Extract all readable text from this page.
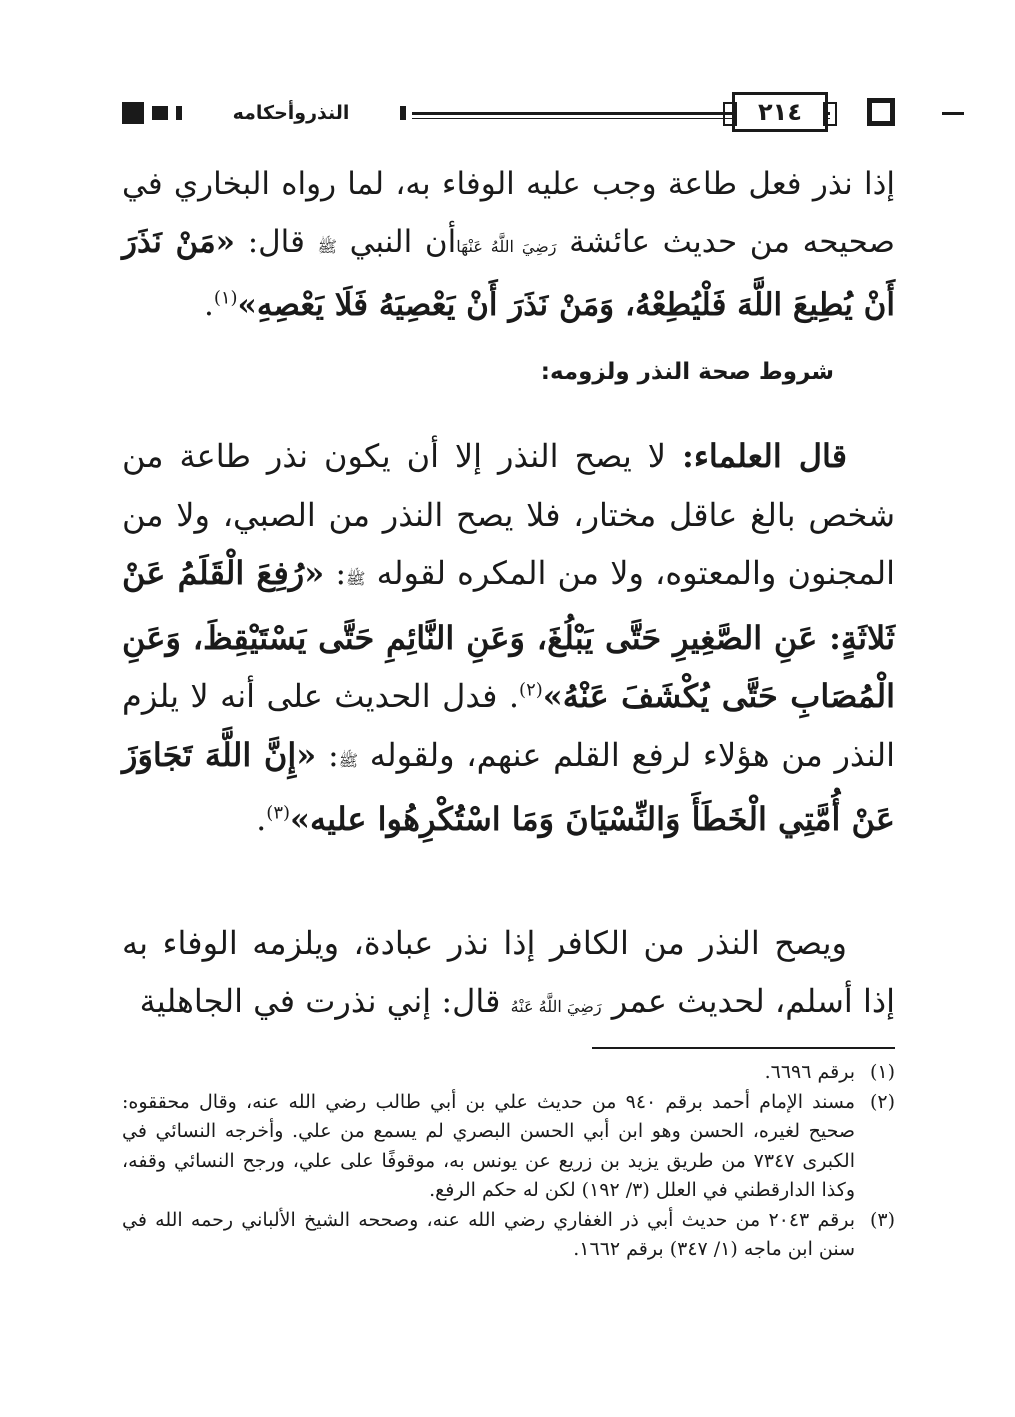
النذروأحكامه	٢١٤
إذا نذر فعل طاعة وجب عليه الوفاء به، لما رواه البخاري في صحيحه من حديث عائشة رَضِيَ اللَّهُ عَنْهَاأن النبي ﷺ قال: «مَنْ نَذَرَ أَنْ يُطِيعَ اللَّهَ فَلْيُطِعْهُ، وَمَنْ نَذَرَ أَنْ يَعْصِيَهُ فَلَا يَعْصِهِ»$^{(١)}$.
شروط صحة النذر ولزومه:
قال العلماء: لا يصح النذر إلا أن يكون نذر طاعة من شخص بالغ عاقل مختار، فلا يصح النذر من الصبي، ولا من المجنون والمعتوه، ولا من المكره لقوله ﷺ: «رُفِعَ الْقَلَمُ عَنْ ثَلاثَةٍ: عَنِ الصَّغِيرِ حَتَّى يَبْلُغَ، وَعَنِ النَّائِمِ حَتَّى يَسْتَيْقِظَ، وَعَنِ الْمُصَابِ حَتَّى يُكْشَفَ عَنْهُ»$^{(٢)}$. فدل الحديث على أنه لا يلزم النذر من هؤلاء لرفع القلم عنهم، ولقوله ﷺ: «إِنَّ اللَّهَ تَجَاوَزَ عَنْ أُمَّتِي الْخَطَأَ وَالنِّسْيَانَ وَمَا اسْتُكْرِهُوا عليه»$^{(٣)}$.
ويصح النذر من الكافر إذا نذر عبادة، ويلزمه الوفاء به إذا أسلم، لحديث عمر رَضِيَ اللَّهُ عَنْهُ قال: إني نذرت في الجاهلية
(١)
برقم ٦٦٩٦.
(٢)
مسند الإمام أحمد برقم ٩٤٠ من حديث علي بن أبي طالب رضي الله عنه، وقال محققوه: صحيح لغيره، الحسن وهو ابن أبي الحسن البصري لم يسمع من علي. وأخرجه النسائي في الكبرى ٧٣٤٧ من طريق يزيد بن زريع عن يونس به، موقوفًا على علي، ورجح النسائي وقفه، وكذا الدارقطني في العلل (٣/ ١٩٢) لكن له حكم الرفع.
(٣)
برقم ٢٠٤٣ من حديث أبي ذر الغفاري رضي الله عنه، وصححه الشيخ الألباني رحمه الله في سنن ابن ماجه (١/ ٣٤٧) برقم ١٦٦٢.
